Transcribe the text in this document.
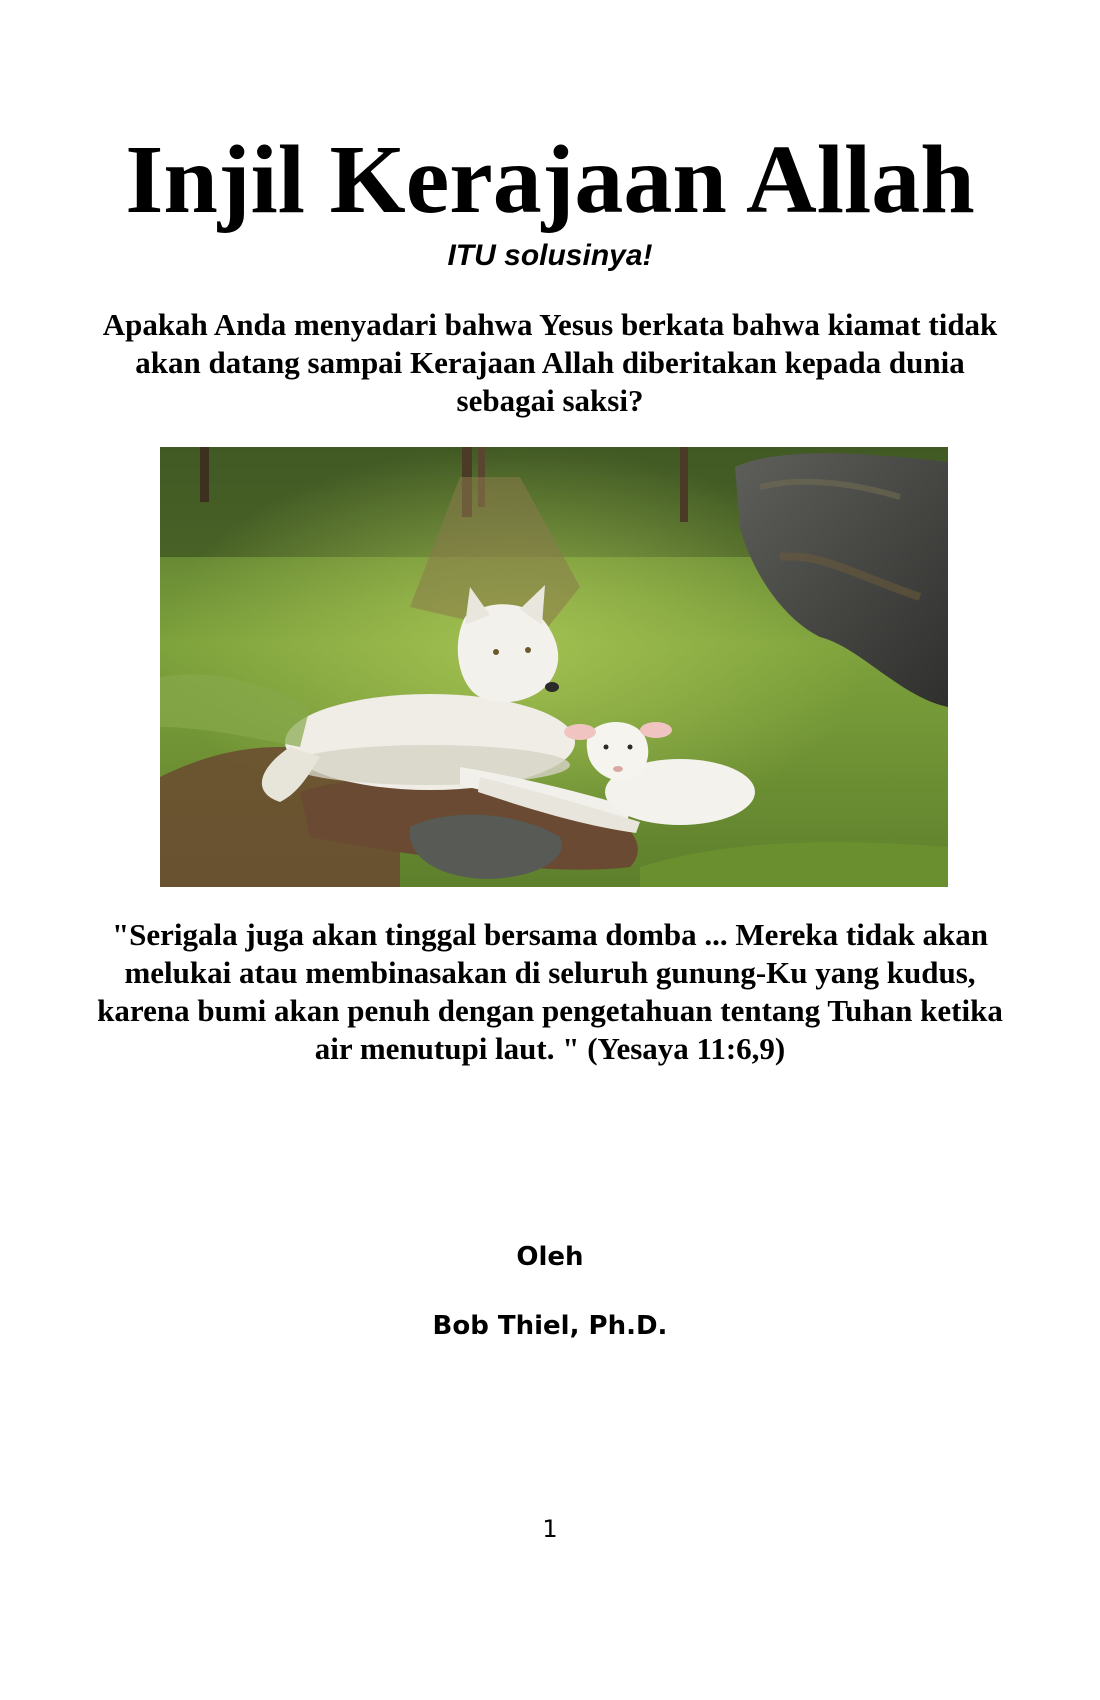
Injil Kerajaan Allah
ITU solusinya!
Apakah Anda menyadari bahwa Yesus berkata bahwa kiamat tidak akan datang sampai Kerajaan Allah diberitakan kepada dunia sebagai saksi?
"Serigala juga akan tinggal bersama domba ... Mereka tidak akan melukai atau membinasakan di seluruh gunung-Ku yang kudus, karena bumi akan penuh dengan pengetahuan tentang Tuhan ketika air menutupi laut. " (Yesaya 11:6,9)
Oleh
Bob Thiel, Ph.D.
1
